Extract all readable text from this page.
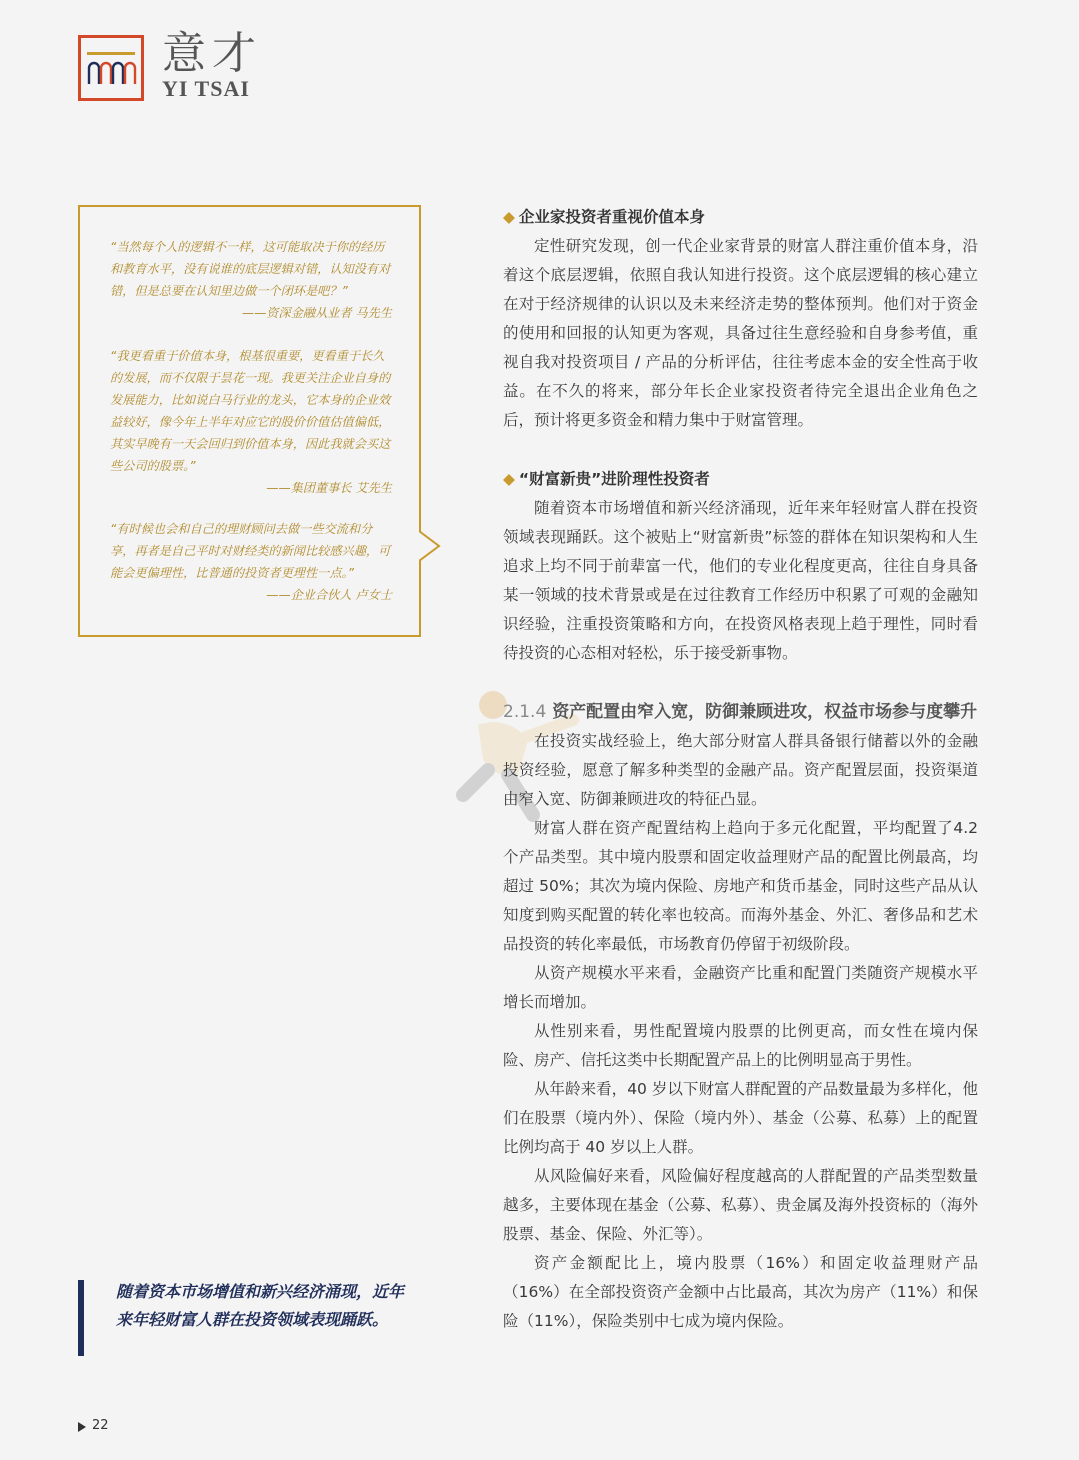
意才
YI TSAI
“当然每个人的逻辑不一样，这可能取决于你的经历和教育水平，没有说谁的底层逻辑对错，认知没有对错，但是总要在认知里边做一个闭环是吧？”
——资深金融从业者 马先生
“我更看重于价值本身，根基很重要，更看重于长久的发展，而不仅限于昙花一现。我更关注企业自身的发展能力，比如说白马行业的龙头，它本身的企业效益较好，像今年上半年对应它的股价价值估值偏低，其实早晚有一天会回归到价值本身，因此我就会买这些公司的股票。”
——集团董事长 艾先生
“有时候也会和自己的理财顾问去做一些交流和分享，再者是自己平时对财经类的新闻比较感兴趣，可能会更偏理性，比普通的投资者更理性一点。”
——企业合伙人 卢女士

◆ 企业家投资者重视价值本身

定性研究发现，创一代企业家背景的财富人群注重价值本身，沿着这个底层逻辑，依照自我认知进行投资。这个底层逻辑的核心建立在对于经济规律的认识以及未来经济走势的整体预判。他们对于资金的使用和回报的认知更为客观，具备过往生意经验和自身参考值，重视自我对投资项目 / 产品的分析评估，往往考虑本金的安全性高于收益。在不久的将来，部分年长企业家投资者待完全退出企业角色之后，预计将更多资金和精力集中于财富管理。

◆ “财富新贵”进阶理性投资者

随着资本市场增值和新兴经济涌现，近年来年轻财富人群在投资领域表现踊跃。这个被贴上“财富新贵”标签的群体在知识架构和人生追求上均不同于前辈富一代，他们的专业化程度更高，往往自身具备某一领域的技术背景或是在过往教育工作经历中积累了可观的金融知识经验，注重投资策略和方向，在投资风格表现上趋于理性，同时看待投资的心态相对轻松，乐于接受新事物。

2.1.4 资产配置由窄入宽，防御兼顾进攻，权益市场参与度攀升

在投资实战经验上，绝大部分财富人群具备银行储蓄以外的金融投资经验，愿意了解多种类型的金融产品。资产配置层面，投资渠道由窄入宽、防御兼顾进攻的特征凸显。

财富人群在资产配置结构上趋向于多元化配置，平均配置了4.2 个产品类型。其中境内股票和固定收益理财产品的配置比例最高，均超过 50%；其次为境内保险、房地产和货币基金，同时这些产品从认知度到购买配置的转化率也较高。而海外基金、外汇、奢侈品和艺术品投资的转化率最低，市场教育仍停留于初级阶段。

从资产规模水平来看，金融资产比重和配置门类随资产规模水平增长而增加。

从性别来看，男性配置境内股票的比例更高，而女性在境内保险、房产、信托这类中长期配置产品上的比例明显高于男性。

从年龄来看，40 岁以下财富人群配置的产品数量最为多样化，他们在股票（境内外）、保险（境内外）、基金（公募、私募）上的配置比例均高于 40 岁以上人群。

从风险偏好来看，风险偏好程度越高的人群配置的产品类型数量越多，主要体现在基金（公募、私募）、贵金属及海外投资标的（海外股票、基金、保险、外汇等）。

资产金额配比上，境内股票（16%）和固定收益理财产品（16%）在全部投资资产金额中占比最高，其次为房产（11%）和保险（11%），保险类别中七成为境内保险。

随着资本市场增值和新兴经济涌现，近年来年轻财富人群在投资领域表现踊跃。
22
